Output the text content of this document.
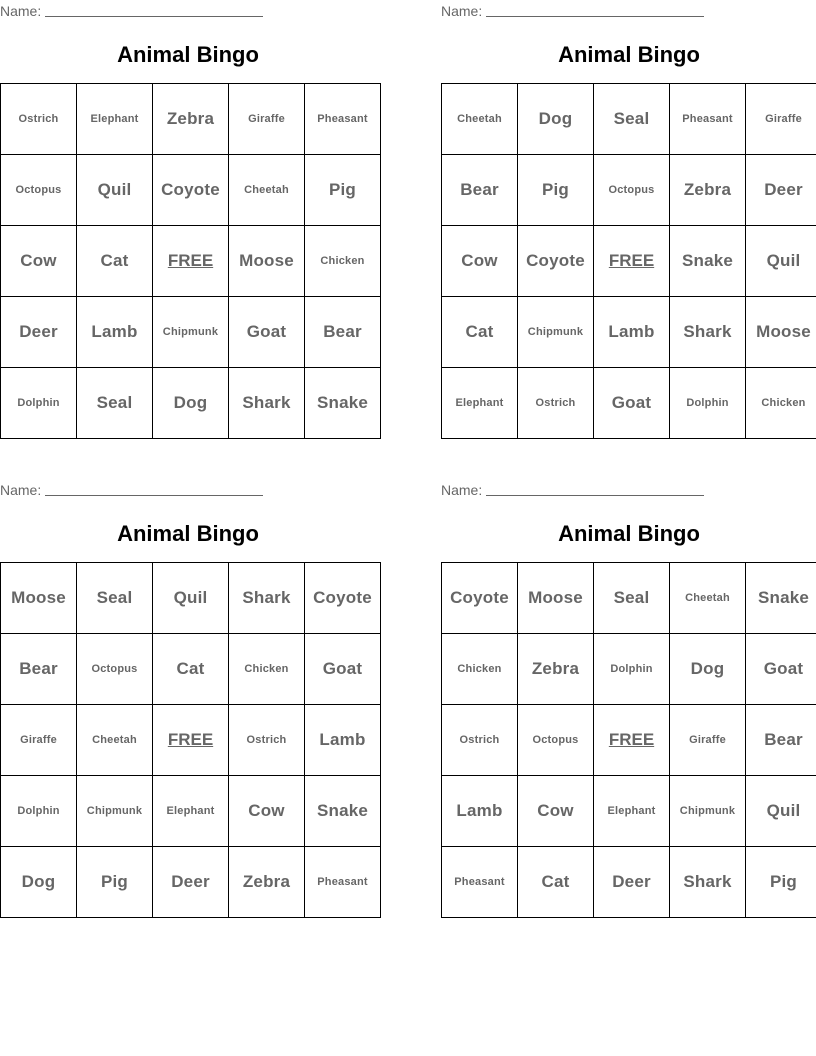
Name:
Animal Bingo
Ostrich	Elephant	Zebra	Giraffe	Pheasant
Octopus	Quil	Coyote	Cheetah	Pig
Cow	Cat	FREE	Moose	Chicken
Deer	Lamb	Chipmunk	Goat	Bear
Dolphin	Seal	Dog	Shark	Snake
Name:
Animal Bingo
Cheetah	Dog	Seal	Pheasant	Giraffe
Bear	Pig	Octopus	Zebra	Deer
Cow	Coyote	FREE	Snake	Quil
Cat	Chipmunk	Lamb	Shark	Moose
Elephant	Ostrich	Goat	Dolphin	Chicken
Name:
Animal Bingo
Moose	Seal	Quil	Shark	Coyote
Bear	Octopus	Cat	Chicken	Goat
Giraffe	Cheetah	FREE	Ostrich	Lamb
Dolphin	Chipmunk	Elephant	Cow	Snake
Dog	Pig	Deer	Zebra	Pheasant
Name:
Animal Bingo
Coyote	Moose	Seal	Cheetah	Snake
Chicken	Zebra	Dolphin	Dog	Goat
Ostrich	Octopus	FREE	Giraffe	Bear
Lamb	Cow	Elephant	Chipmunk	Quil
Pheasant	Cat	Deer	Shark	Pig
